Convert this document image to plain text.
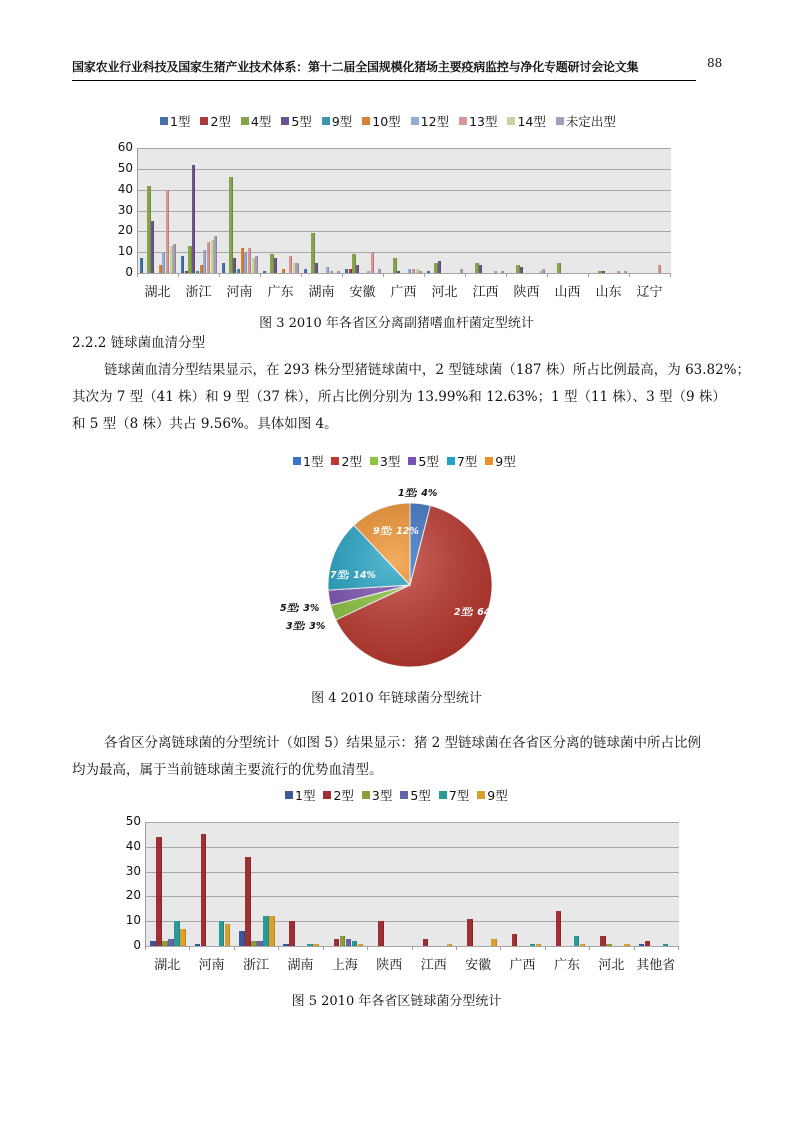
国家农业行业科技及国家生猪产业技术体系：第十二届全国规模化猪场主要疫病监控与净化专题研讨会论文集	88
1型 2型 4型 5型 9型 10型 12型 13型 14型 未定出型
0
10
20
30
40
50
60
湖北	浙江	河南	广东	湖南	安徽	广西	河北	江西	陕西	山西	山东	辽宁
图 3 2010 年各省区分离副猪嗜血杆菌定型统计
2.2.2 链球菌血清分型
链球菌血清分型结果显示，在 293 株分型猪链球菌中，2 型链球菌（187 株）所占比例最高，为 63.82%；
其次为 7 型（41 株）和 9 型（37 株），所占比例分别为 13.99%和 12.63%；1 型（11 株）、3 型（9 株）
和 5 型（8 株）共占 9.56%。具体如图 4。
1型 2型 3型 5型 7型 9型
1型; 4%
2型; 64%
3型; 3%
5型; 3%
7型; 14%
9型; 12%
图 4 2010 年链球菌分型统计
各省区分离链球菌的分型统计（如图 5）结果显示：猪 2 型链球菌在各省区分离的链球菌中所占比例
均为最高，属于当前链球菌主要流行的优势血清型。
1型 2型 3型 5型 7型 9型
0
10
20
30
40
50
湖北	河南	浙江	湖南	上海	陕西	江西	安徽	广西	广东	河北 其他省
图 5 2010 年各省区链球菌分型统计
